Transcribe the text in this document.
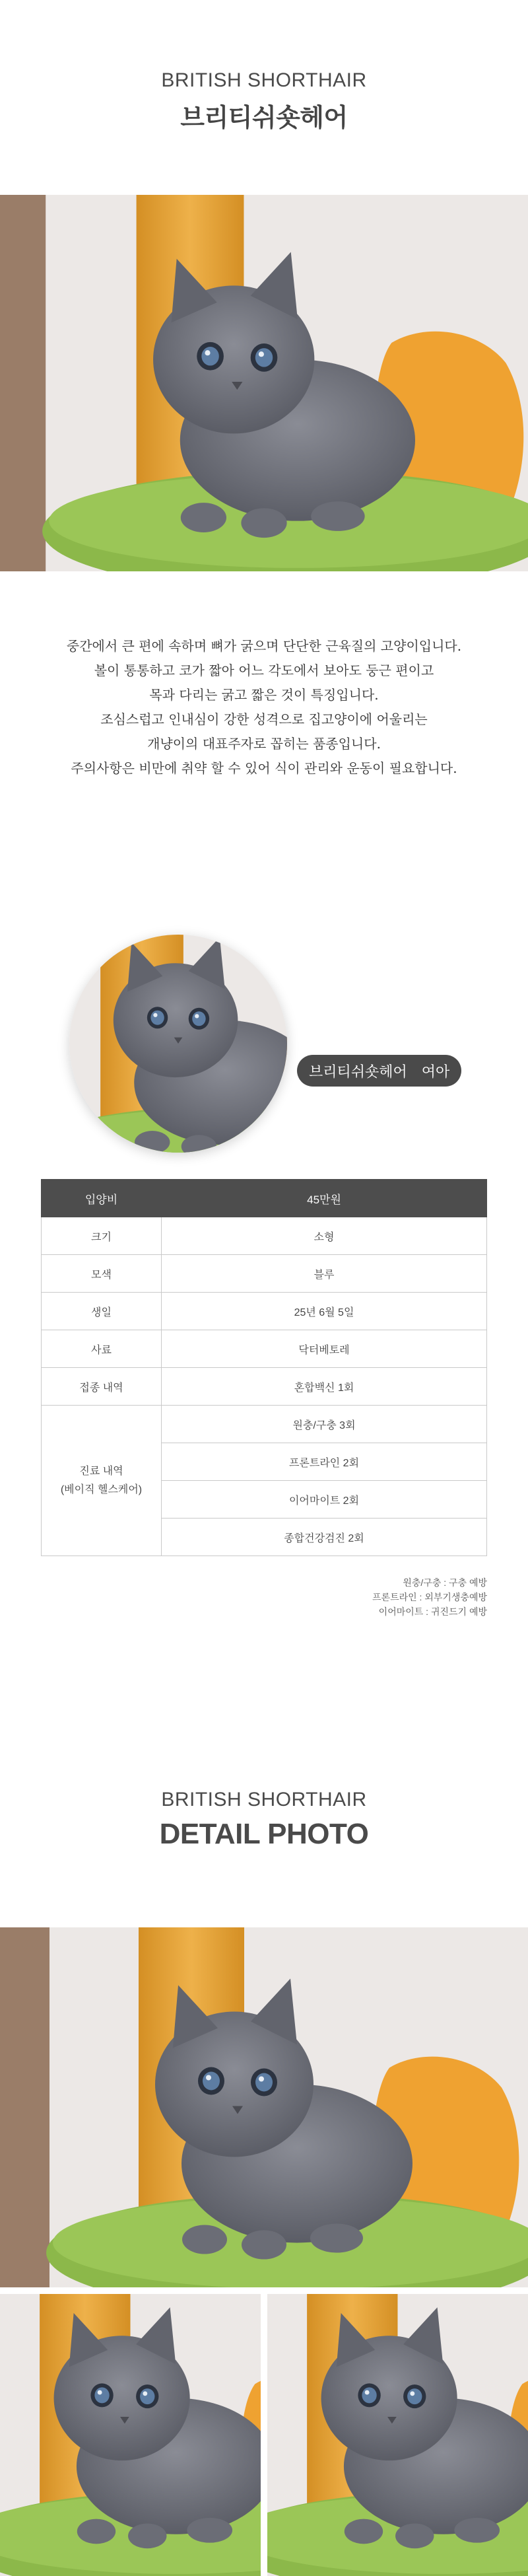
BRITISH SHORTHAIR
브리티쉬숏헤어

중간에서 큰 편에 속하며 뼈가 굵으며 단단한 근육질의 고양이입니다.

볼이 통통하고 코가 짧아 어느 각도에서 보아도 둥근 편이고

목과 다리는 굵고 짧은 것이 특징입니다.

조심스럽고 인내심이 강한 성격으로 집고양이에 어울리는

개냥이의 대표주자로 꼽히는 품종입니다.

주의사항은 비만에 취약 할 수 있어 식이 관리와 운동이 필요합니다.

브리티쉬숏헤어 여아
입양비	45만원
크기	소형
모색	블루
생일	25년 6월 5일
사료	닥터베토레
접종 내역	혼합백신 1회

진료 내역
(베이직 헬스케어)	원충/구충 3회
	프론트라인 2회
	이어마이트 2회
	종합건강검진 2회
원충/구충 : 구충 예방
프론트라인 : 외부기생충예방
이어마이트 : 귀진드기 예방
BRITISH SHORTHAIR
DETAIL PHOTO
